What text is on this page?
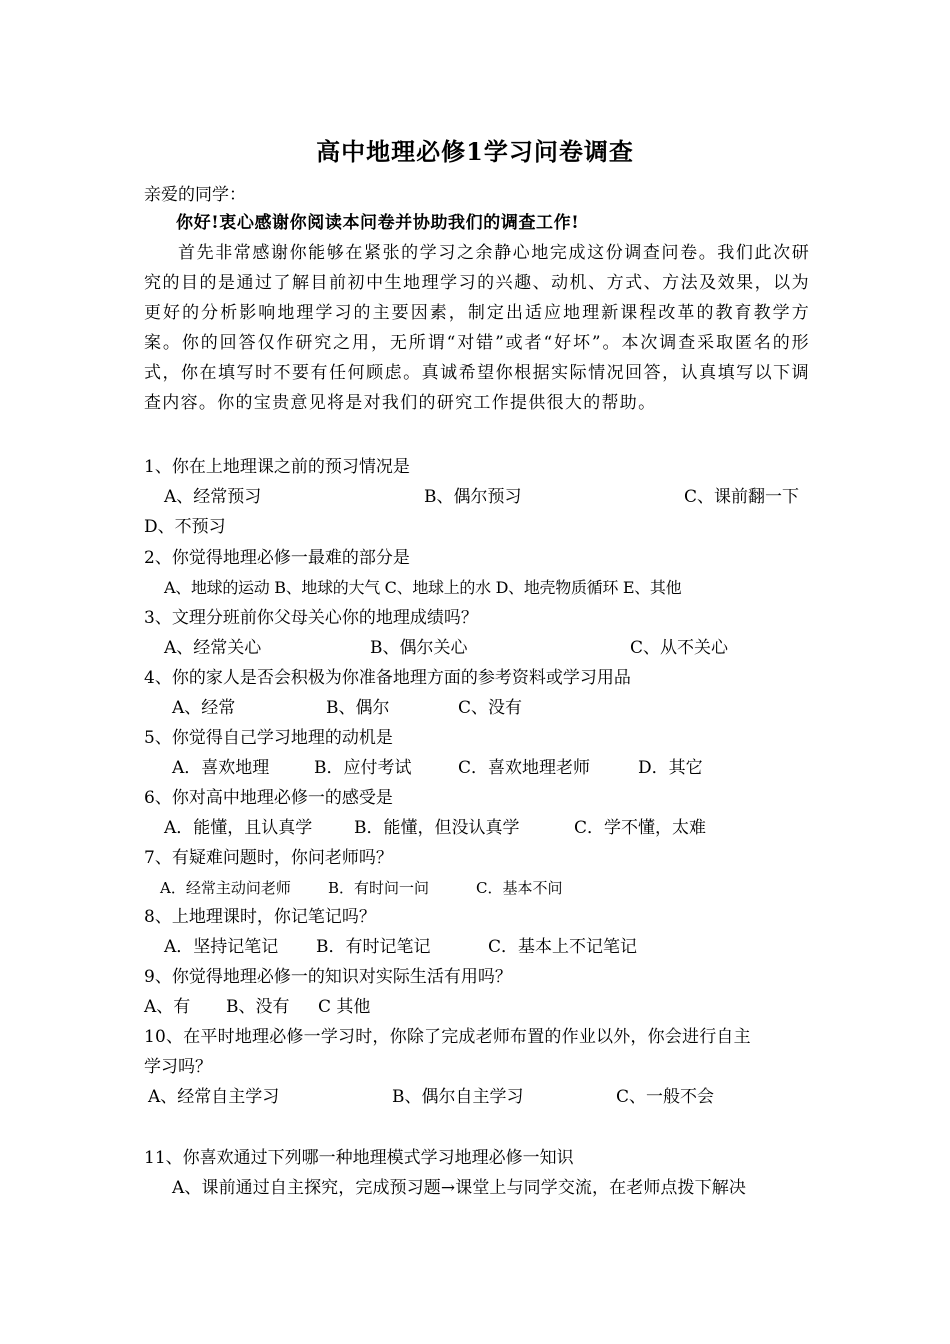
高中地理必修1学习问卷调查
亲爱的同学：
你好!衷心感谢你阅读本问卷并协助我们的调查工作!
首先非常感谢你能够在紧张的学习之余静心地完成这份调查问卷。我们此次研究的目的是通过了解目前初中生地理学习的兴趣、动机、方式、方法及效果，以为更好的分析影响地理学习的主要因素，制定出适应地理新课程改革的教育教学方案。你的回答仅作研究之用，无所谓“对错”或者“好坏”。本次调查采取匿名的形式，你在填写时不要有任何顾虑。真诚希望你根据实际情况回答，认真填写以下调查内容。你的宝贵意见将是对我们的研究工作提供很大的帮助。
1、你在上地理课之前的预习情况是
A、经常预习	B、偶尔预习	C、课前翻一下
D、不预习
2、你觉得地理必修一最难的部分是
A、地球的运动 B、地球的大气 C、地球上的水 D、地壳物质循环 E、其他
3、文理分班前你父母关心你的地理成绩吗？
A、经常关心	B、偶尔关心	C、从不关心
4、你的家人是否会积极为你准备地理方面的参考资料或学习用品
A、经常	B、偶尔	C、没有
5、你觉得自己学习地理的动机是
A．喜欢地理	B．应付考试	C．喜欢地理老师	D．其它
6、你对高中地理必修一的感受是
A．能懂，且认真学 B．能懂，但没认真学	C．学不懂，太难
7、有疑难问题时，你问老师吗？
A．经常主动问老师 B．有时问一问	C．基本不问
8、上地理课时，你记笔记吗？
A．坚持记笔记 B．有时记笔记	C．基本上不记笔记
9、你觉得地理必修一的知识对实际生活有用吗？
A、有 B、没有 C 其他
10、在平时地理必修一学习时，你除了完成老师布置的作业以外，你会进行自主
学习吗？
A、经常自主学习	B、偶尔自主学习	C、一般不会
11、你喜欢通过下列哪一种地理模式学习地理必修一知识
A、课前通过自主探究，完成预习题→课堂上与同学交流，在老师点拨下解决
